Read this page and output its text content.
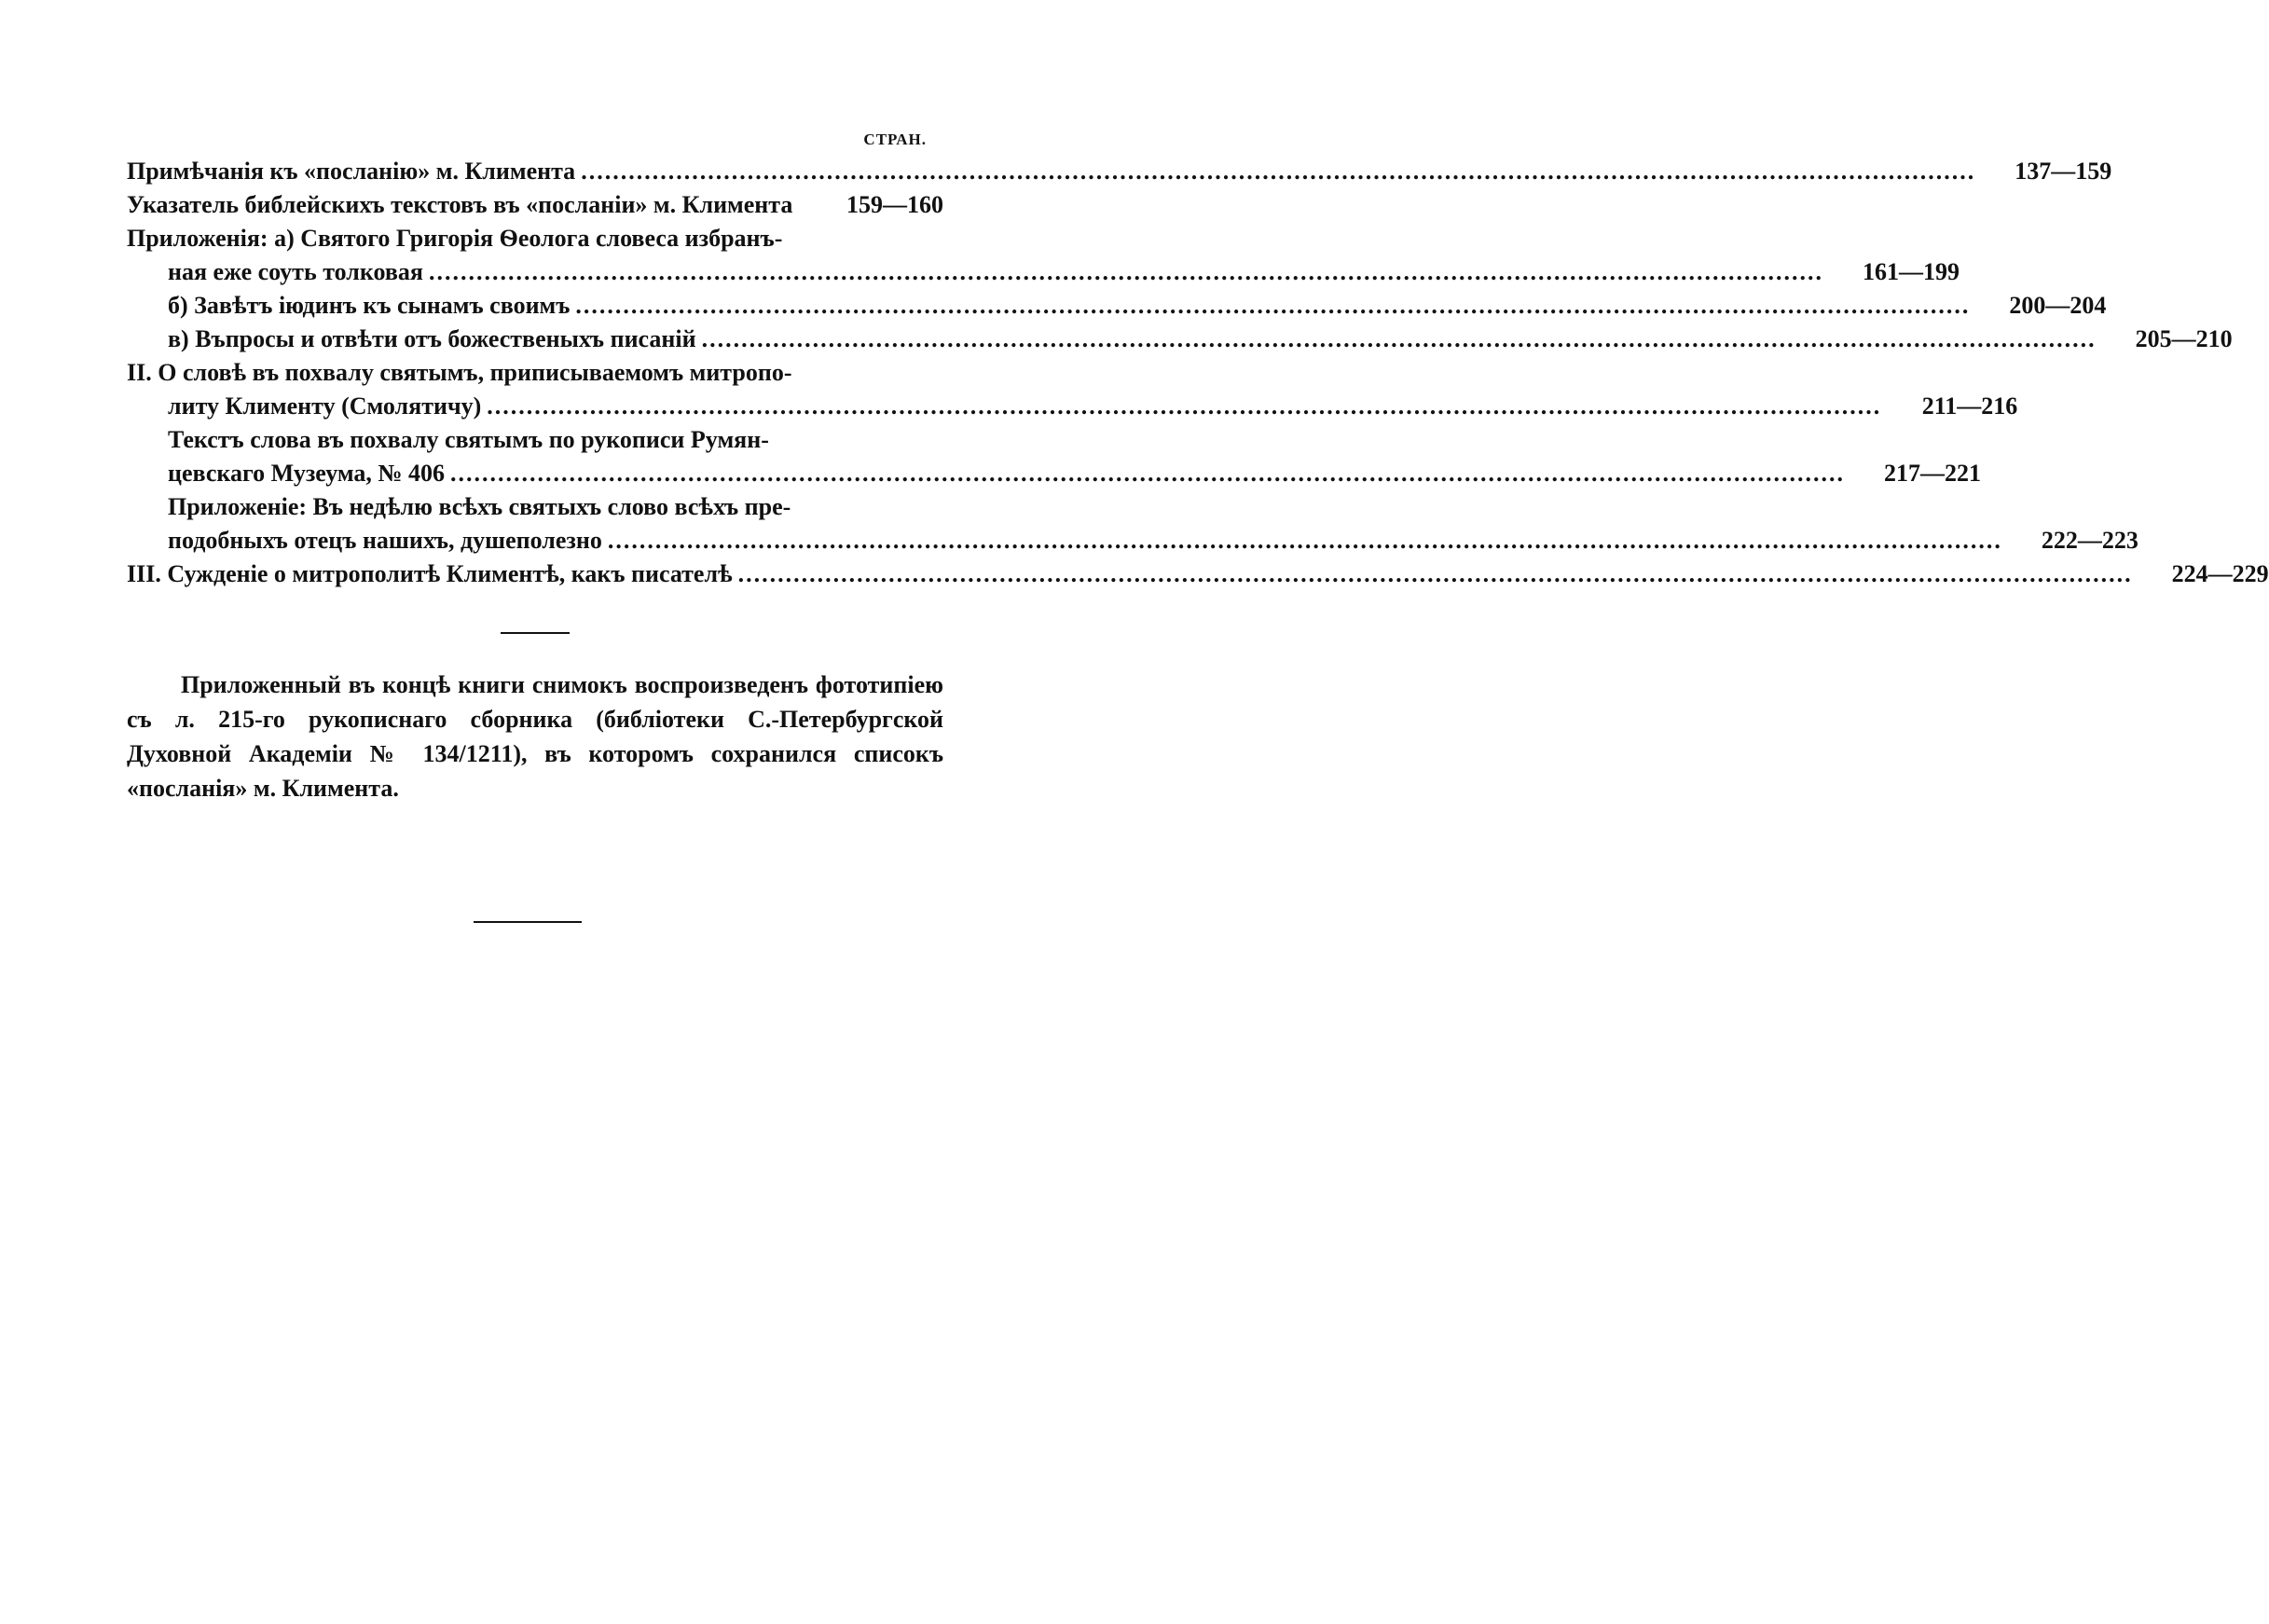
СТРАН.
Примѣчанія къ «посланію» м. Климента .....	137—159
Указатель библейскихъ текстовъ въ «посланіи» м. Климента	159—160
Приложенія: а) Святого Григорія Ѳеолога словеса избранъ-
ная еже соуть толковая .....	161—199
б) Завѣтъ іюдинъ къ сынамъ своимъ .....	200—204
в) Въпросы и отвѣти отъ божественыхъ писаній .....	205—210
II. О словѣ въ похвалу святымъ, приписываемомъ митропо-
литу Клименту (Смолятичу) .....	211—216
Текстъ слова въ похвалу святымъ по рукописи Румян-
цевскаго Музеума, № 406 .....	217—221
Приложеніе: Въ недѣлю всѣхъ святыхъ слово всѣхъ пре-
подобныхъ отецъ нашихъ, душеполезно .....	222—223
III. Сужденіе о митрополитѣ Климентѣ, какъ писателѣ .....	224—229

Приложенный въ концѣ книги снимокъ воспроизведенъ фототипіею съ л. 215-го рукописнаго сборника (библіотеки С.-Петербургской Духовной Академіи № 134/1211), въ которомъ сохранился списокъ «посланія» м. Климента.
